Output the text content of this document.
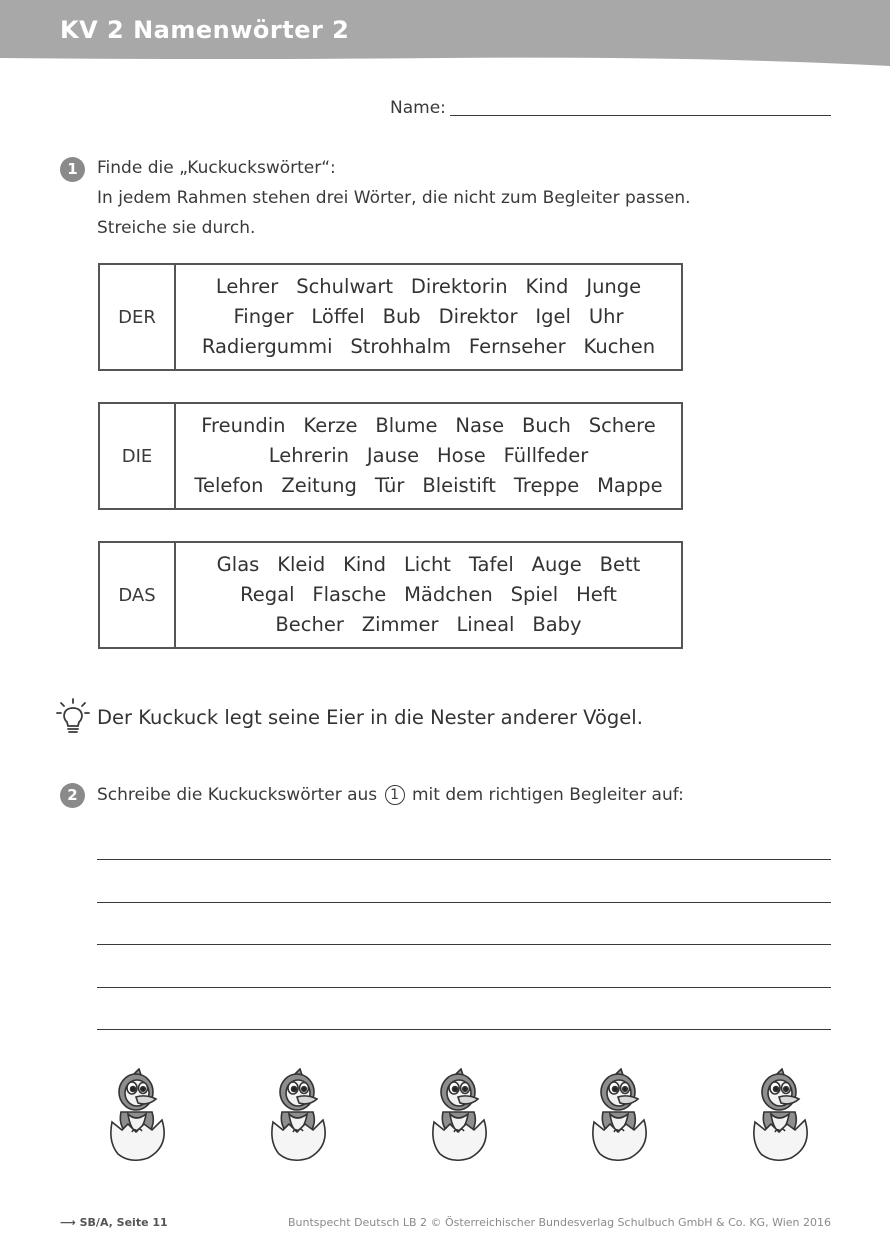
KV 2 Namenwörter 2
Name:
1	Finde die „Kuckuckswörter“:
In jedem Rahmen stehen drei Wörter, die nicht zum Begleiter passen.
Streiche sie durch.
DER
Lehrer Schulwart Direktorin Kind Junge
Finger Löffel Bub Direktor Igel Uhr
Radiergummi Strohhalm Fernseher Kuchen
DIE
Freundin Kerze Blume Nase Buch Schere
Lehrerin Jause Hose Füllfeder
Telefon Zeitung Tür Bleistift Treppe Mappe
DAS
Glas Kleid Kind Licht Tafel Auge Bett
Regal Flasche Mädchen Spiel Heft
Becher Zimmer Lineal Baby
Der Kuckuck legt seine Eier in die Nester anderer Vögel.
2	Schreibe die Kuckuckswörter aus 1 mit dem richtigen Begleiter auf:
⟶ SB/A, Seite 11	Buntspecht Deutsch LB 2 © Österreichischer Bundesverlag Schulbuch GmbH & Co. KG, Wien 2016
